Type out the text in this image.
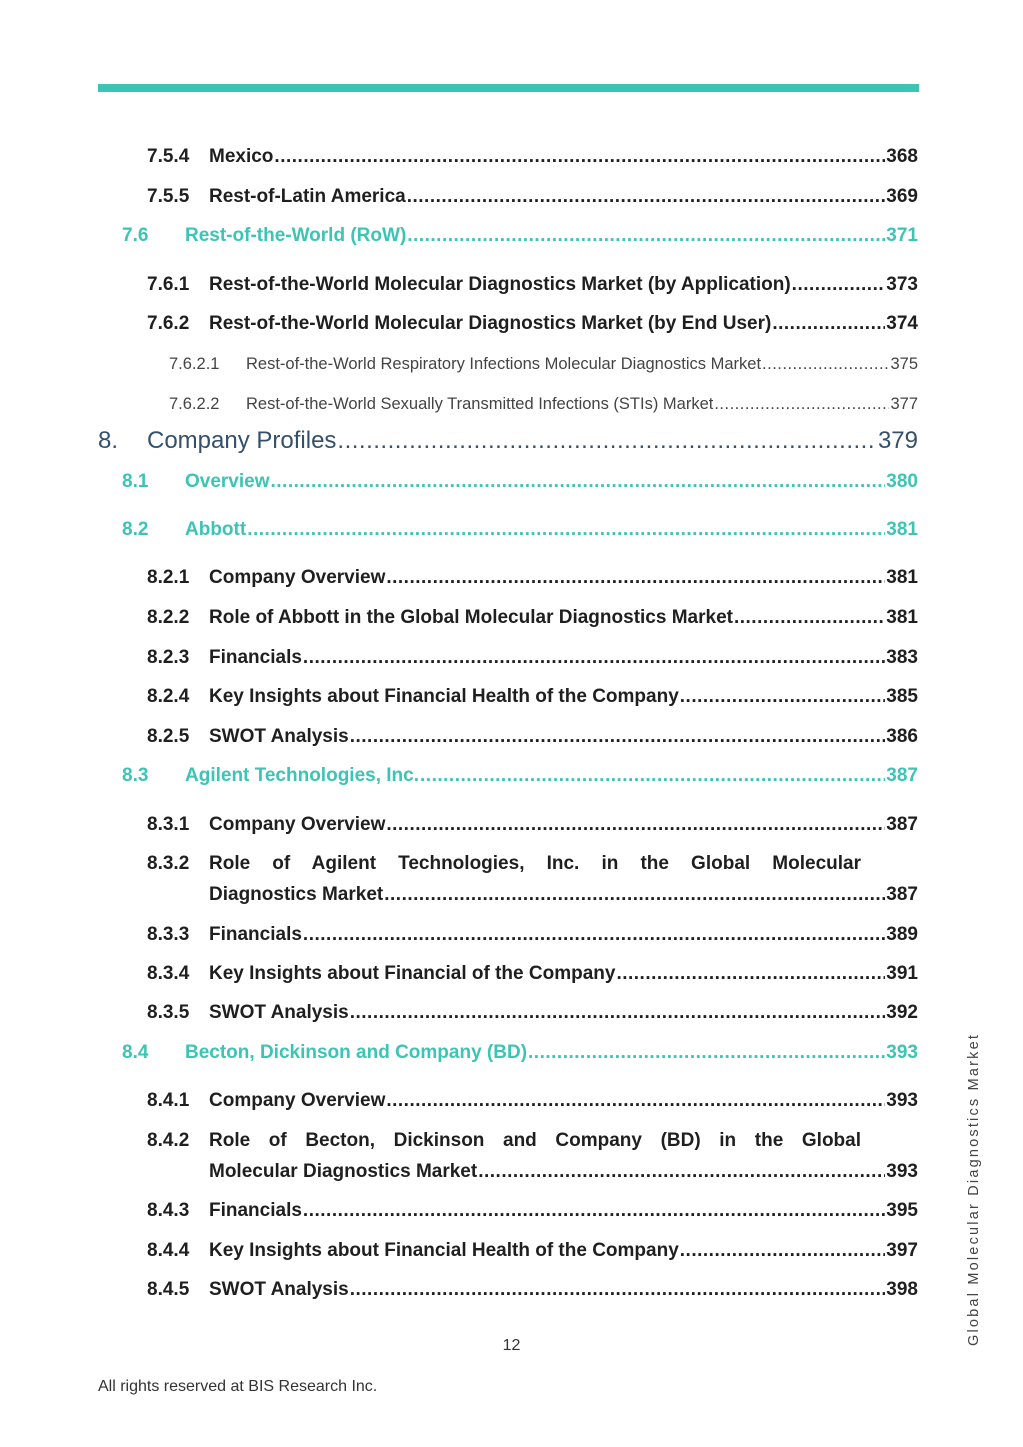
7.5.4	Mexico .....	368
7.5.5	Rest-of-Latin America .....	369
7.6	Rest-of-the-World (RoW) .....	371
7.6.1	Rest-of-the-World Molecular Diagnostics Market (by Application) .....	373
7.6.2	Rest-of-the-World Molecular Diagnostics Market (by End User) .....	374
7.6.2.1	Rest-of-the-World Respiratory Infections Molecular Diagnostics Market .....	375
7.6.2.2	Rest-of-the-World Sexually Transmitted Infections (STIs) Market .....	377
8.	Company Profiles .....	379
8.1	Overview .....	380
8.2	Abbott .....	381
8.2.1	Company Overview .....	381
8.2.2	Role of Abbott in the Global Molecular Diagnostics Market .....	381
8.2.3	Financials .....	383
8.2.4	Key Insights about Financial Health of the Company .....	385
8.2.5	SWOT Analysis .....	386
8.3	Agilent Technologies, Inc. .....	387
8.3.1	Company Overview .....	387
8.3.2 Role of Agilent Technologies, Inc. in the Global Molecular
Diagnostics Market .....	387
8.3.3	Financials .....	389
8.3.4	Key Insights about Financial of the Company .....	391
8.3.5	SWOT Analysis .....	392
8.4	Becton, Dickinson and Company (BD) .....	393
8.4.1	Company Overview .....	393
8.4.2 Role of Becton, Dickinson and Company (BD) in the Global
Molecular Diagnostics Market .....	393
8.4.3	Financials .....	395
8.4.4	Key Insights about Financial Health of the Company .....	397
8.4.5	SWOT Analysis .....	398
12
All rights reserved at BIS Research Inc.
Global Molecular Diagnostics Market
